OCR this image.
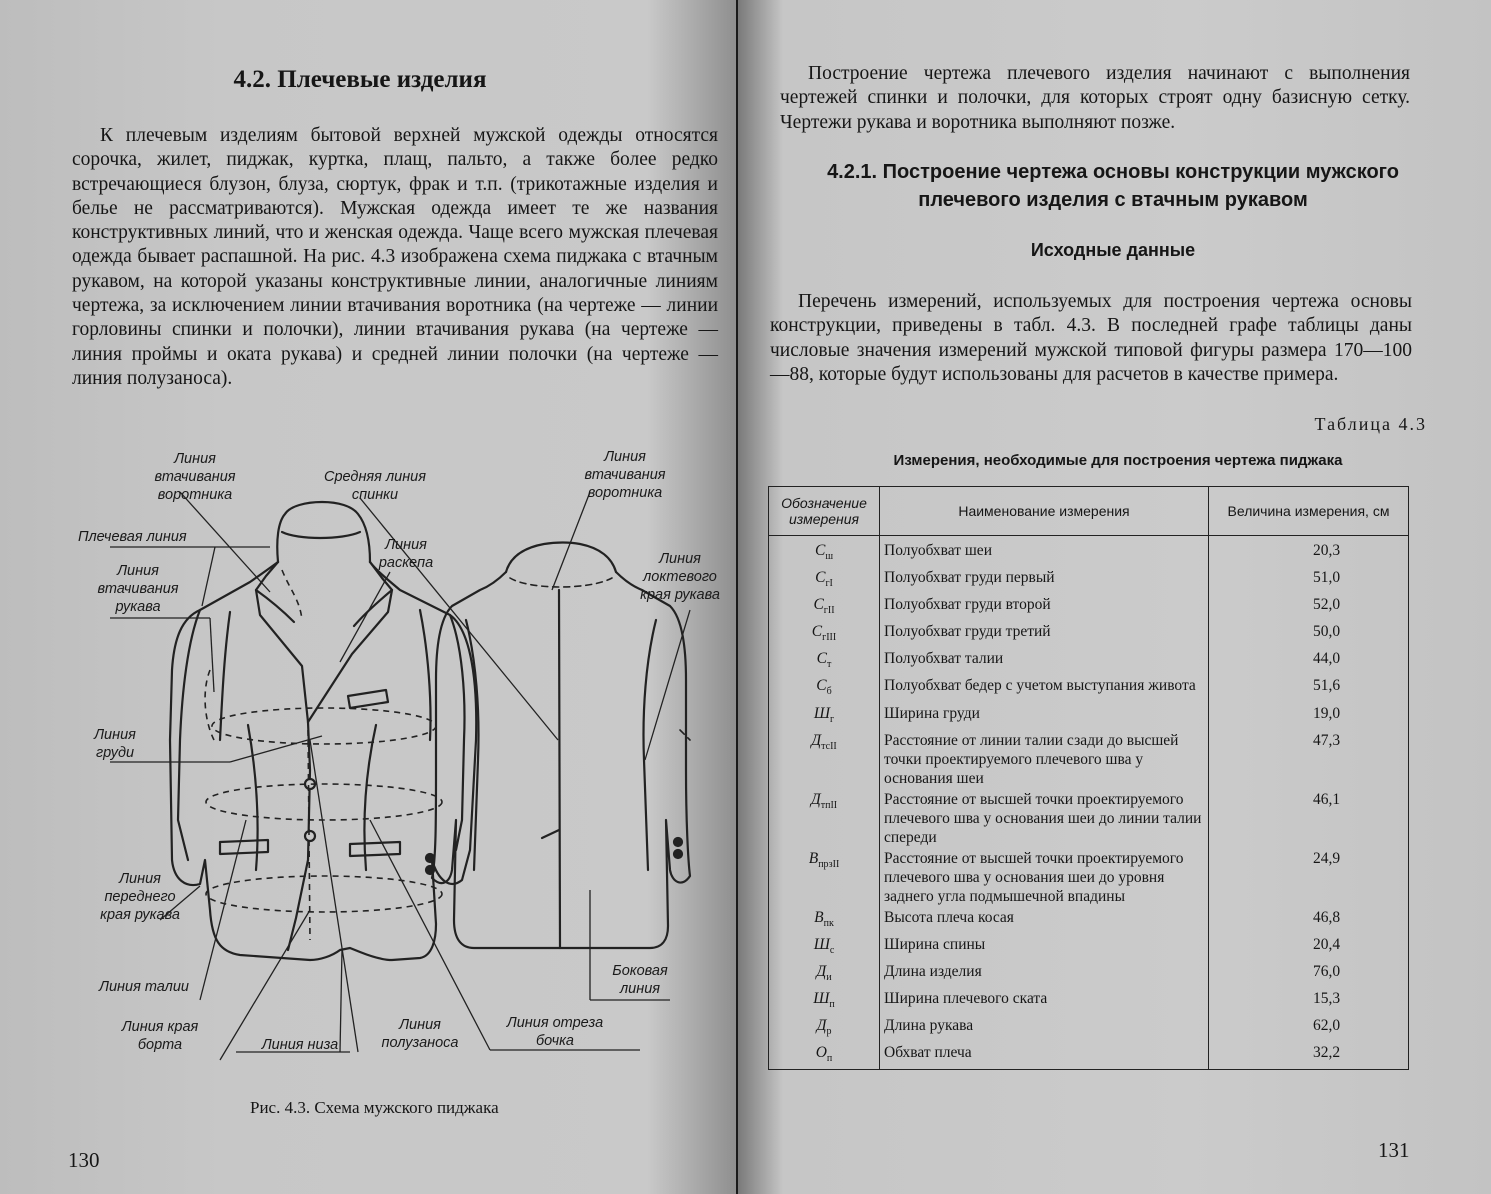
4.2. Плечевые изделия

К плечевым изделиям бытовой верхней мужской одежды относятся сорочка, жилет, пиджак, куртка, плащ, пальто, а также более редко встречающиеся блузон, блуза, сюртук, фрак и т.п. (трикотажные изделия и белье не рассматриваются). Мужская одежда имеет те же названия конструктивных линий, что и женская одежда. Чаще всего мужская плечевая одежда бывает распашной. На рис. 4.3 изображена схема пиджака с втачным рукавом, на которой указаны конструктивные линии, аналогичные линиям чертежа, за исключением линии втачивания воротника (на чертеже — линии горловины спинки и полочки), линии втачивания рукава (на чертеже — линия проймы и оката рукава) и средней линии полочки (на чертеже — линия полузаноса).

Линия втачивания воротника
Средняя линия спинки
Линия втачивания воротника
Плечевая линия	Линия раскепа	Линия локтевого края рукава
Линия втачивания рукава
Линия груди
Линия переднего края рукава
Боковая линия
Линия талии
Линия края борта	Линия низа
Линия полузаноса
Линия отреза бочка
Рис. 4.3. Схема мужского пиджака
130

Построение чертежа плечевого изделия начинают с выполнения чертежей спинки и полочки, для которых строят одну базисную сетку. Чертежи рукава и воротника выполняют позже.

4.2.1. Построение чертежа основы конструкции мужского плечевого изделия с втачным рукавом
Исходные данные

Перечень измерений, используемых для построения чертежа основы конструкции, приведены в табл. 4.3. В последней графе таблицы даны числовые значения измерений мужской типовой фигуры размера 170—100—88, которые будут использованы для расчетов в качестве примера.

Таблица 4.3
Измерения, необходимые для построения чертежа пиджака
Обозначение измерения	Наименование измерения	Величина измерения, см
$С_ш$	Полуобхват шеи	20,3
$С_{гI}$	Полуобхват груди первый	51,0
$С_{гII}$	Полуобхват груди второй	52,0
$С_{гIII}$	Полуобхват груди третий	50,0
$С_т$	Полуобхват талии	44,0
$С_б$	Полуобхват бедер с учетом выступания живота	51,6
$Ш_г$	Ширина груди	19,0
$Д_{тсII}$	Расстояние от линии талии сзади до высшей точки проектируемого плечевого шва у основания шеи	47,3
$Д_{тпII}$	Расстояние от высшей точки проектируемого плечевого шва у основания шеи до линии талии спереди	46,1
$В_{прзII}$	Расстояние от высшей точки проектируемого плечевого шва у основания шеи до уровня заднего угла подмышечной впадины	24,9
$В_{пк}$	Высота плеча косая	46,8
$Ш_с$	Ширина спины	20,4
$Д_и$	Длина изделия	76,0
$Ш_п$	Ширина плечевого ската	15,3
$Д_р$	Длина рукава	62,0
$О_п$	Обхват плеча	32,2
131
